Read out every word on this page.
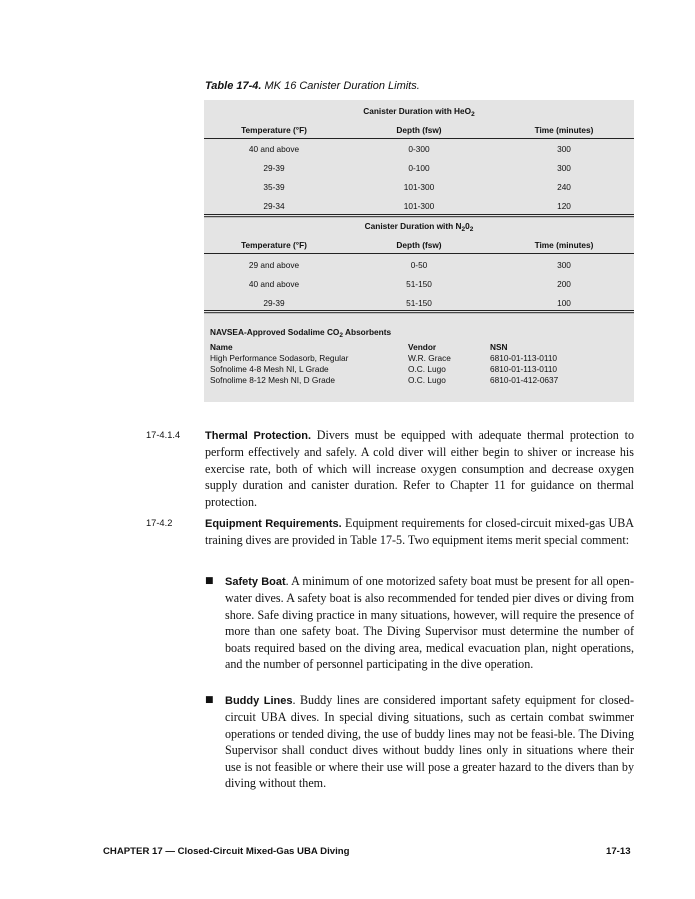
Table 17-4. MK 16 Canister Duration Limits.
Canister Duration with HeO$_2$
Temperature (°F)	Depth (fsw)	Time (minutes)
40 and above	0-300	300
29-39	0-100	300
35-39	101-300	240
29-34	101-300	120
Canister Duration with $N_20_2$
Temperature (°F)	Depth (fsw)	Time (minutes)
29 and above	0-50	300
40 and above	51-150	200
29-39	51-150	100
NAVSEA-Approved Sodalime $CO_2$ Absorbents
Name	Vendor	NSN
High Performance Sodasorb, Regular	W.R. Grace	6810-01-113-0110
Sofnolime 4-8 Mesh NI, L Grade	O.C. Lugo	6810-01-113-0110
Sofnolime 8-12 Mesh NI, D Grade	O.C. Lugo	6810-01-412-0637
17-4.1.4 Thermal Protection. Divers must be equipped with adequate thermal protection to perform effectively and safely. A cold diver will either begin to shiver or increase his exercise rate, both of which will increase oxygen consumption and decrease oxygen supply duration and canister duration. Refer to Chapter 11 for guidance on thermal protection.
17-4.2	Equipment Requirements. Equipment requirements for closed-circuit mixed-gas UBA training dives are provided in Table 17-5. Two equipment items merit special comment:
■ Safety Boat. A minimum of one motorized safety boat must be present for all open-water dives. A safety boat is also recommended for tended pier dives or diving from shore. Safe diving practice in many situations, however, will require the presence of more than one safety boat. The Diving Supervisor must determine the number of boats required based on the diving area, medical evacuation plan, night operations, and the number of personnel participating in the dive operation.
■ Buddy Lines. Buddy lines are considered important safety equipment for closed-circuit UBA dives. In special diving situations, such as certain combat swimmer operations or tended diving, the use of buddy lines may not be feasi-ble. The Diving Supervisor shall conduct dives without buddy lines only in situations where their use is not feasible or where their use will pose a greater hazard to the divers than by diving without them.
CHAPTER 17 — Closed-Circuit Mixed-Gas UBA Diving	17-13
